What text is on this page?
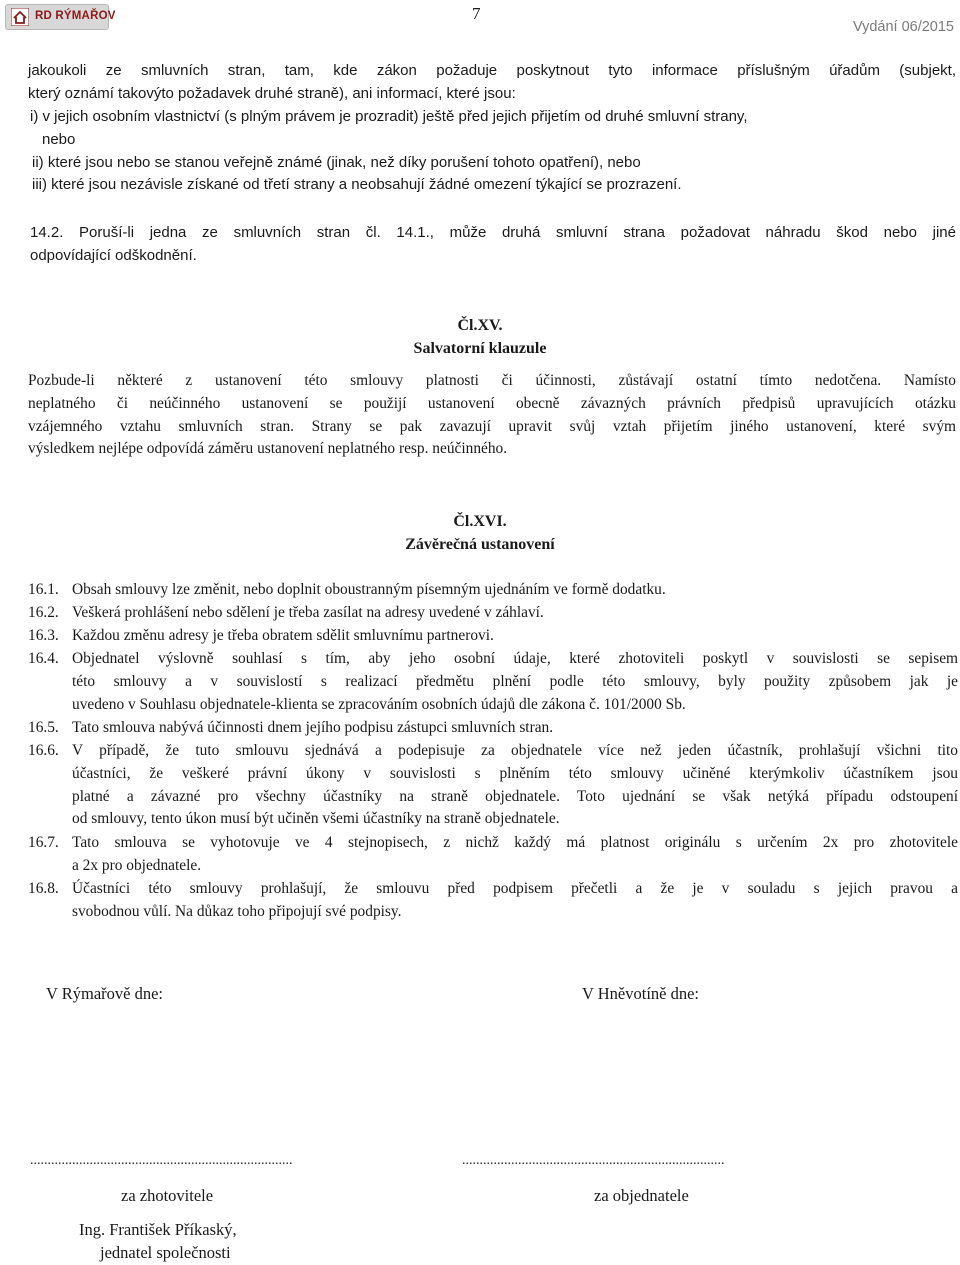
RD RÝMAŘOV	7
Vydání 06/2015
jakoukoli ze smluvních stran, tam, kde zákon požaduje poskytnout tyto informace příslušným úřadům (subjekt,
který oznámí takovýto požadavek druhé straně), ani informací, které jsou:
i) v jejich osobním vlastnictví (s plným právem je prozradit) ještě před jejich přijetím od druhé smluvní strany,
nebo
ii) které jsou nebo se stanou veřejně známé (jinak, než díky porušení tohoto opatření), nebo
iii) které jsou nezávisle získané od třetí strany a neobsahují žádné omezení týkající se prozrazení.
14.2. Poruší-li jedna ze smluvních stran čl. 14.1., může druhá smluvní strana požadovat náhradu škod nebo jiné
odpovídající odškodnění.
Čl.XV.
Salvatorní klauzule
Pozbude-li některé z ustanovení této smlouvy platnosti či účinnosti, zůstávají ostatní tímto nedotčena. Namísto
neplatného či neúčinného ustanovení se použijí ustanovení obecně závazných právních předpisů upravujících otázku
vzájemného vztahu smluvních stran. Strany se pak zavazují upravit svůj vztah přijetím jiného ustanovení, které svým
výsledkem nejlépe odpovídá záměru ustanovení neplatného resp. neúčinného.
Čl.XVI.
Závěrečná ustanovení
16.1. Obsah smlouvy lze změnit, nebo doplnit oboustranným písemným ujednáním ve formě dodatku.
16.2. Veškerá prohlášení nebo sdělení je třeba zasílat na adresy uvedené v záhlaví.
16.3. Každou změnu adresy je třeba obratem sdělit smluvnímu partnerovi.
16.4. Objednatel výslovně souhlasí s tím, aby jeho osobní údaje, které zhotoviteli poskytl v souvislosti se sepisem
této smlouvy a v souvislostí s realizací předmětu plnění podle této smlouvy, byly použity způsobem jak je
uvedeno v Souhlasu objednatele-klienta se zpracováním osobních údajů dle zákona č. 101/2000 Sb.
16.5. Tato smlouva nabývá účinnosti dnem jejího podpisu zástupci smluvních stran.
16.6. V případě, že tuto smlouvu sjednává a podepisuje za objednatele více než jeden účastník, prohlašují všichni tito
účastníci, že veškeré právní úkony v souvislosti s plněním této smlouvy učiněné kterýmkoliv účastníkem jsou
platné a závazné pro všechny účastníky na straně objednatele. Toto ujednání se však netýká případu odstoupení
od smlouvy, tento úkon musí být učiněn všemi účastníky na straně objednatele.
16.7. Tato smlouva se vyhotovuje ve 4 stejnopisech, z nichž každý má platnost originálu s určením 2x pro zhotovitele
a 2x pro objednatele.
16.8. Účastníci této smlouvy prohlašují, že smlouvu před podpisem přečetli a že je v souladu s jejich pravou a
svobodnou vůlí. Na důkaz toho připojují své podpisy.
V Rýmařově dne:	V Hněvotíně dne:
...........................................................................	...........................................................................
za zhotovitele	za objednatele
Ing. František Příkaský,
jednatel společnosti
